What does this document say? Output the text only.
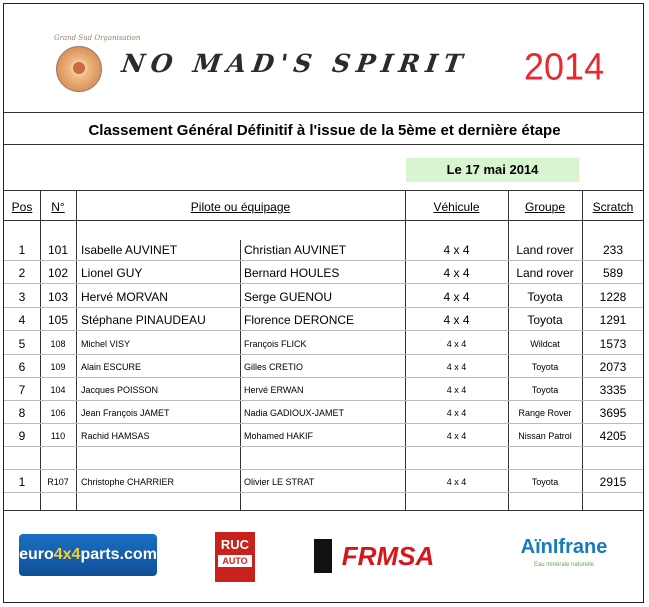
Grand Sud Organisation
NO MAD'S SPIRIT 2014
Classement Général Définitif à l'issue de la 5ème et dernière étape
Le 17 mai 2014
Pos	N°	Pilote ou équipage	Véhicule	Groupe	Scratch
1	101	Isabelle AUVINET	Christian AUVINET	4 x 4	Land rover	233
2	102	Lionel GUY	Bernard HOULES	4 x 4	Land rover	589
3	103	Hervé MORVAN	Serge GUENOU	4 x 4	Toyota	1228
4	105	Stéphane PINAUDEAU	Florence DERONCE	4 x 4	Toyota	1291
5	108	Michel VISY	François FLICK	4 x 4	Wildcat	1573
6	109	Alain ESCURE	Gilles CRETIO	4 x 4	Toyota	2073
7	104	Jacques POISSON	Hervé ERWAN	4 x 4	Toyota	3335
8	106	Jean François JAMET	Nadia GADIOUX-JAMET	4 x 4	Range Rover	3695
9	110	Rachid HAMSAS	Mohamed HAKIF	4 x 4	Nissan Patrol	4205
1	R107	Christophe CHARRIER	Olivier LE STRAT	4 x 4	Toyota	2915
euro4x4parts.com
RUC
AUTO	FRMSA	AïnIfrane
Eau minérale naturelle
